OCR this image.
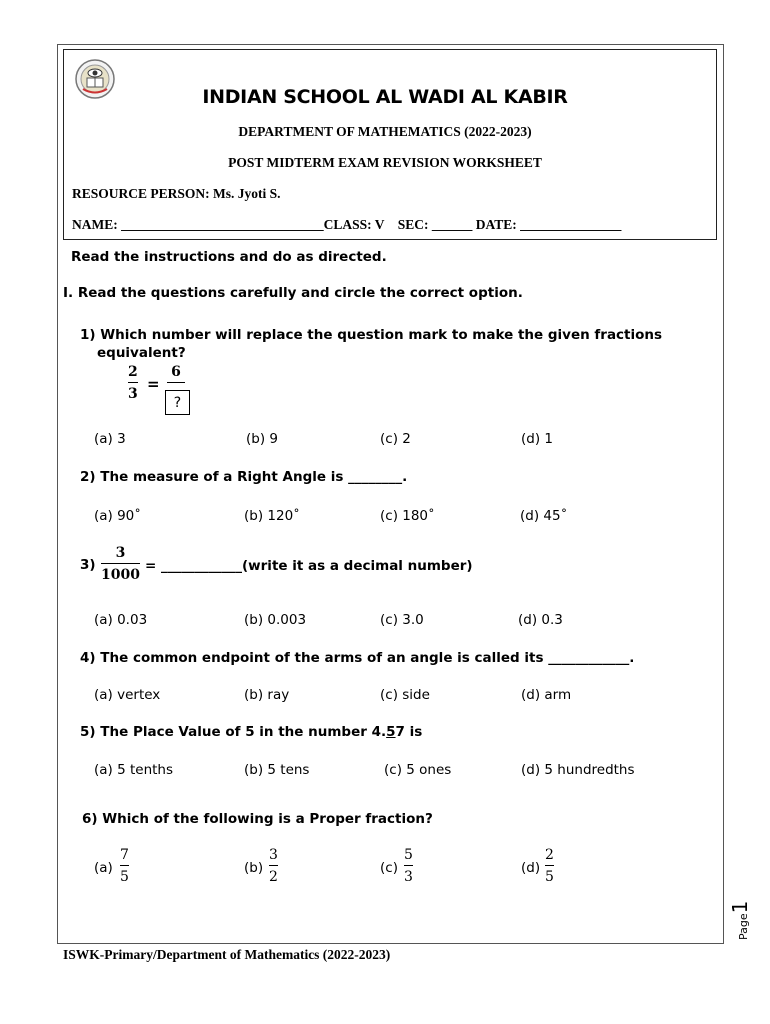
INDIAN SCHOOL AL WADI AL KABIR
DEPARTMENT OF MATHEMATICS (2022-2023)
POST MIDTERM EXAM REVISION WORKSHEET
RESOURCE PERSON: Ms. Jyoti S.
NAME: ______________________________CLASS: V    SEC: ______ DATE: _______________
Read the instructions and do as directed.
I. Read the questions carefully and circle the correct option.
1) Which number will replace the question mark to make the given fractions
equivalent?
2
3
=
6
?
(a) 3	(b) 9	(c) 2	(d) 1
2) The measure of a Right Angle is ________.
(a) 90˚	(b) 120˚	(c) 180˚	(d) 45˚
3)
3
1000
= ____________(write it as a decimal number)
(a) 0.03	(b) 0.003	(c) 3.0	(d) 0.3
4) The common endpoint of the arms of an angle is called its ____________.
(a) vertex	(b) ray	(c) side	(d) arm
5) The Place Value of 5 in the number 4.57 is
(a) 5 tenths	(b) 5 tens	(c) 5 ones	(d) 5 hundredths
6) Which of the following is a Proper fraction?
(a)
7
5
(b)
3
2
(c)
5
3
(d)
2
5
Page1
ISWK-Primary/Department of Mathematics (2022-2023)
